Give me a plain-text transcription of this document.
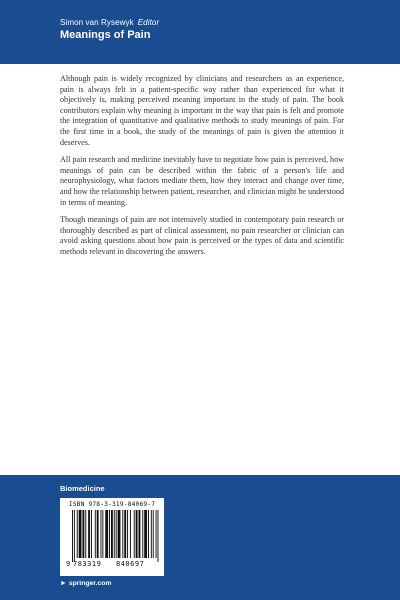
Simon van Rysewyk Editor
Meanings of Pain

Although pain is widely recognized by clinicians and researchers as an experience, pain is always felt in a patient-specific way rather than experienced for what it objectively is, making perceived meaning important in the study of pain. The book contributors explain why meaning is important in the way that pain is felt and promote the integration of quantitative and qualitative methods to study meanings of pain. For the first time in a book, the study of the meanings of pain is given the attention it deserves.

All pain research and medicine inevitably have to negotiate how pain is perceived, how meanings of pain can be described within the fabric of a person's life and neurophysiology, what factors mediate them, how they interact and change over time, and how the relationship between patient, researcher, and clinician might be understood in terms of meaning.

Though meanings of pain are not intensively studied in contemporary pain research or thoroughly described as part of clinical assessment, no pain researcher or clinician can avoid asking questions about how pain is perceived or the types of data and scientific methods relevant in discovering the answers.

Biomedicine
ISBN 978-3-319-84069-7
9 783319 840697
► springer.com
